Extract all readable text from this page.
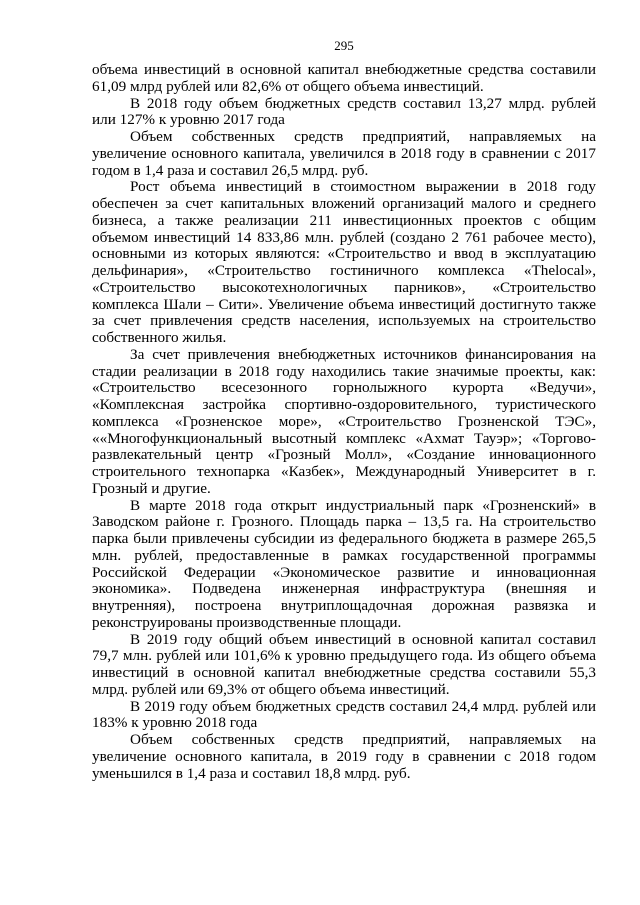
295

объема инвестиций в основной капитал внебюджетные средства составили 61,09 млрд рублей или 82,6% от общего объема инвестиций.

В 2018 году объем бюджетных средств составил 13,27 млрд. рублей или 127% к уровню 2017 года

Объем собственных средств предприятий, направляемых на увеличение основного капитала, увеличился в 2018 году в сравнении с 2017 годом в 1,4 раза и составил 26,5 млрд. руб.

Рост объема инвестиций в стоимостном выражении в 2018 году обеспечен за счет капитальных вложений организаций малого и среднего бизнеса, а также реализации 211 инвестиционных проектов с общим объемом инвестиций 14 833,86 млн. рублей (создано 2 761 рабочее место), основными из которых являются: «Строительство и ввод в эксплуатацию дельфинария», «Строительство гостиничного комплекса «Thelocal», «Строительство высокотехнологичных парников», «Строительство комплекса Шали – Сити». Увеличение объема инвестиций достигнуто также за счет привлечения средств населения, используемых на строительство собственного жилья.

За счет привлечения внебюджетных источников финансирования на стадии реализации в 2018 году находились такие значимые проекты, как: «Строительство всесезонного горнолыжного курорта «Ведучи», «Комплексная застройка спортивно-оздоровительного, туристического комплекса «Грозненское море», «Строительство Грозненской ТЭС», ««Многофункциональный высотный комплекс «Ахмат Тауэр»; «Торгово-развлекательный центр «Грозный Молл», «Создание инновационного строительного технопарка «Казбек», Международный Университет в г. Грозный и другие.

В марте 2018 года открыт индустриальный парк «Грозненский» в Заводском районе г. Грозного. Площадь парка – 13,5 га. На строительство парка были привлечены субсидии из федерального бюджета в размере 265,5 млн. рублей, предоставленные в рамках государственной программы Российской Федерации «Экономическое развитие и инновационная экономика». Подведена инженерная инфраструктура (внешняя и внутренняя), построена внутриплощадочная дорожная развязка и реконструированы производственные площади.

В 2019 году общий объем инвестиций в основной капитал составил 79,7 млн. рублей или 101,6% к уровню предыдущего года. Из общего объема инвестиций в основной капитал внебюджетные средства составили 55,3 млрд. рублей или 69,3% от общего объема инвестиций.

В 2019 году объем бюджетных средств составил 24,4 млрд. рублей или 183% к уровню 2018 года

Объем собственных средств предприятий, направляемых на увеличение основного капитала, в 2019 году в сравнении с 2018 годом уменьшился в 1,4 раза и составил 18,8 млрд. руб.
